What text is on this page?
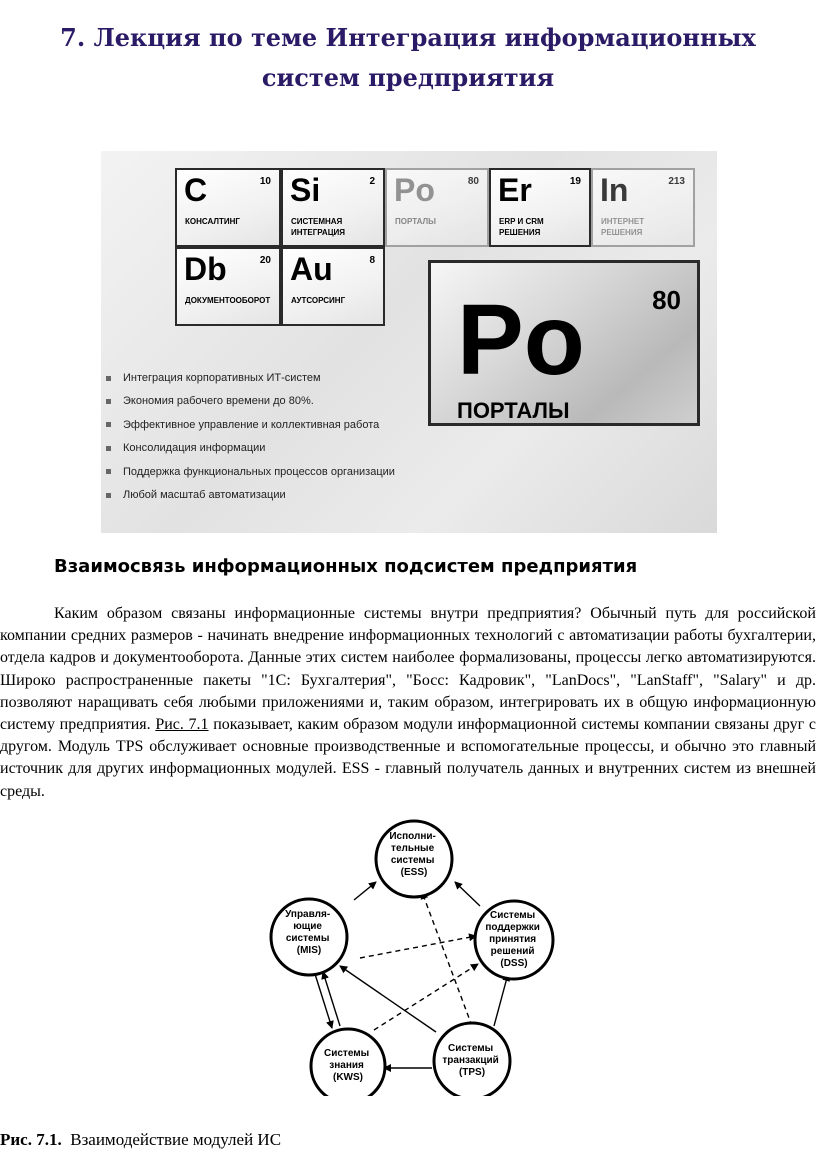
7. Лекция по теме Интеграция информационных систем предприятия
C	10
КОНСАЛТИНГ
Si	2
СИСТЕМНАЯ ИНТЕГРАЦИЯ
Po	80
ПОРТАЛЫ
Er	19
ERP И CRM РЕШЕНИЯ
In	213
ИНТЕРНЕТ РЕШЕНИЯ
Db	20
ДОКУМЕНТООБОРОТ
Au	8
АУТСОРСИНГ Po	80
ПОРТАЛЫ
Интеграция корпоративных ИТ-систем
Экономия рабочего времени до 80%.
Эффективное управление и коллективная работа
Консолидация информации
Поддержка функциональных процессов организации
Любой масштаб автоматизации
Взаимосвязь информационных подсистем предприятия

Каким образом связаны информационные системы внутри предприятия? Обычный путь для российской компании средних размеров - начинать внедрение информационных технологий с автоматизации работы бухгалтерии, отдела кадров и документооборота. Данные этих систем наиболее формализованы, процессы легко автоматизируются. Широко распространенные пакеты "1С: Бухгалтерия", "Босс: Кадровик", "LanDocs", "LanStaff", "Salary" и др. позволяют наращивать себя любыми приложениями и, таким образом, интегрировать их в общую информационную систему предприятия. Рис. 7.1 показывает, каким образом модули информационной системы компании связаны друг с другом. Модуль TPS обслуживает основные производственные и вспомогательные процессы, и обычно это главный источник для других информационных модулей. ESS - главный получатель данных и внутренних систем из внешней среды.

Исполни- тельные системы (ESS)
Управля- ющие системы (MIS)
Системы поддержки принятия решений (DSS)
Системы знания (KWS)
Системы транзакций (TPS)

Рис. 7.1. Взаимодействие модулей ИС
